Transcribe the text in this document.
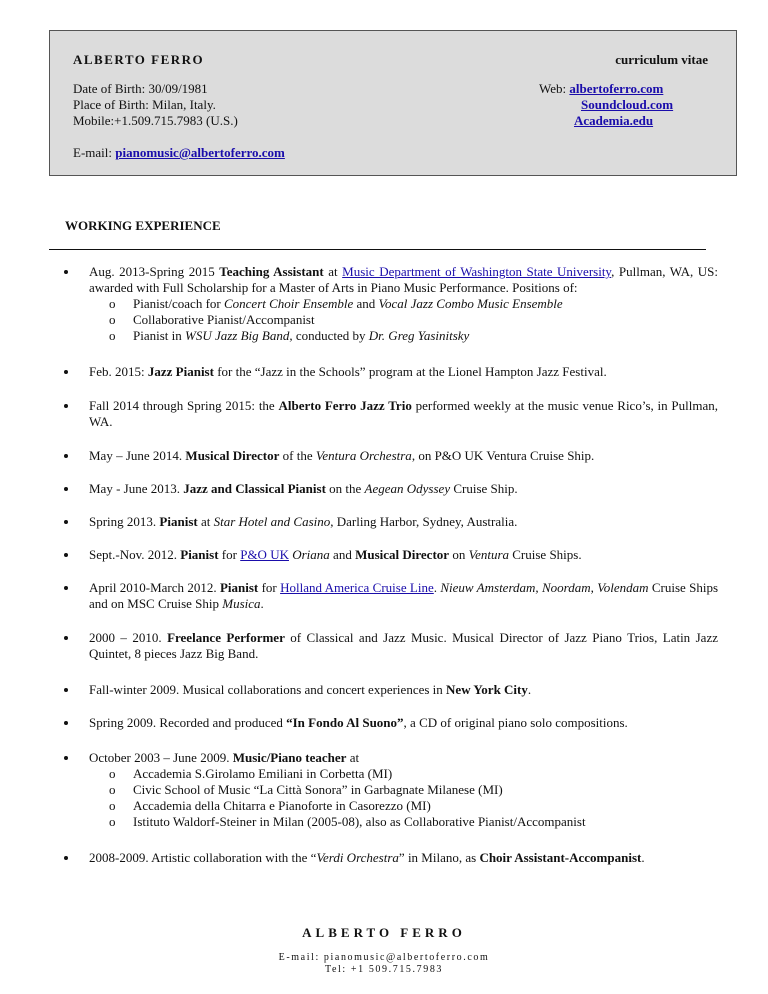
ALBERTO FERRO	curriculum vitae
Date of Birth: 30/09/1981
Place of Birth: Milan, Italy.
Mobile:+1.509.715.7983 (U.S.)
Web: albertoferro.com
Soundcloud.com
Academia.edu
E-mail: pianomusic@albertoferro.com
WORKING EXPERIENCE
Aug. 2013-Spring 2015 Teaching Assistant at Music Department of Washington State University, Pullman, WA, US: awarded with Full Scholarship for a Master of Arts in Piano Music Performance. Positions of:
o Pianist/coach for Concert Choir Ensemble and Vocal Jazz Combo Music Ensemble
o Collaborative Pianist/Accompanist
o Pianist in WSU Jazz Big Band, conducted by Dr. Greg Yasinitsky
Feb. 2015: Jazz Pianist for the “Jazz in the Schools” program at the Lionel Hampton Jazz Festival.
Fall 2014 through Spring 2015: the Alberto Ferro Jazz Trio performed weekly at the music venue Rico’s, in Pullman, WA.
May – June 2014. Musical Director of the Ventura Orchestra, on P&O UK Ventura Cruise Ship.
May - June 2013. Jazz and Classical Pianist on the Aegean Odyssey Cruise Ship.
Spring 2013. Pianist at Star Hotel and Casino, Darling Harbor, Sydney, Australia.
Sept.-Nov. 2012. Pianist for P&O UK Oriana and Musical Director on Ventura Cruise Ships.
April 2010-March 2012. Pianist for Holland America Cruise Line. Nieuw Amsterdam, Noordam, Volendam Cruise Ships and on MSC Cruise Ship Musica.
2000 – 2010. Freelance Performer of Classical and Jazz Music. Musical Director of Jazz Piano Trios, Latin Jazz Quintet, 8 pieces Jazz Big Band.
Fall-winter 2009. Musical collaborations and concert experiences in New York City.
Spring 2009. Recorded and produced “In Fondo Al Suono”, a CD of original piano solo compositions.
October 2003 – June 2009. Music/Piano teacher at
o Accademia S.Girolamo Emiliani in Corbetta (MI)
o Civic School of Music “La Città Sonora” in Garbagnate Milanese (MI)
o Accademia della Chitarra e Pianoforte in Casorezzo (MI)
o Istituto Waldorf-Steiner in Milan (2005-08), also as Collaborative Pianist/Accompanist
2008-2009. Artistic collaboration with the “Verdi Orchestra” in Milano, as Choir Assistant-Accompanist.
ALBERTO FERRO
E-mail: pianomusic@albertoferro.com
Tel: +1 509.715.7983
